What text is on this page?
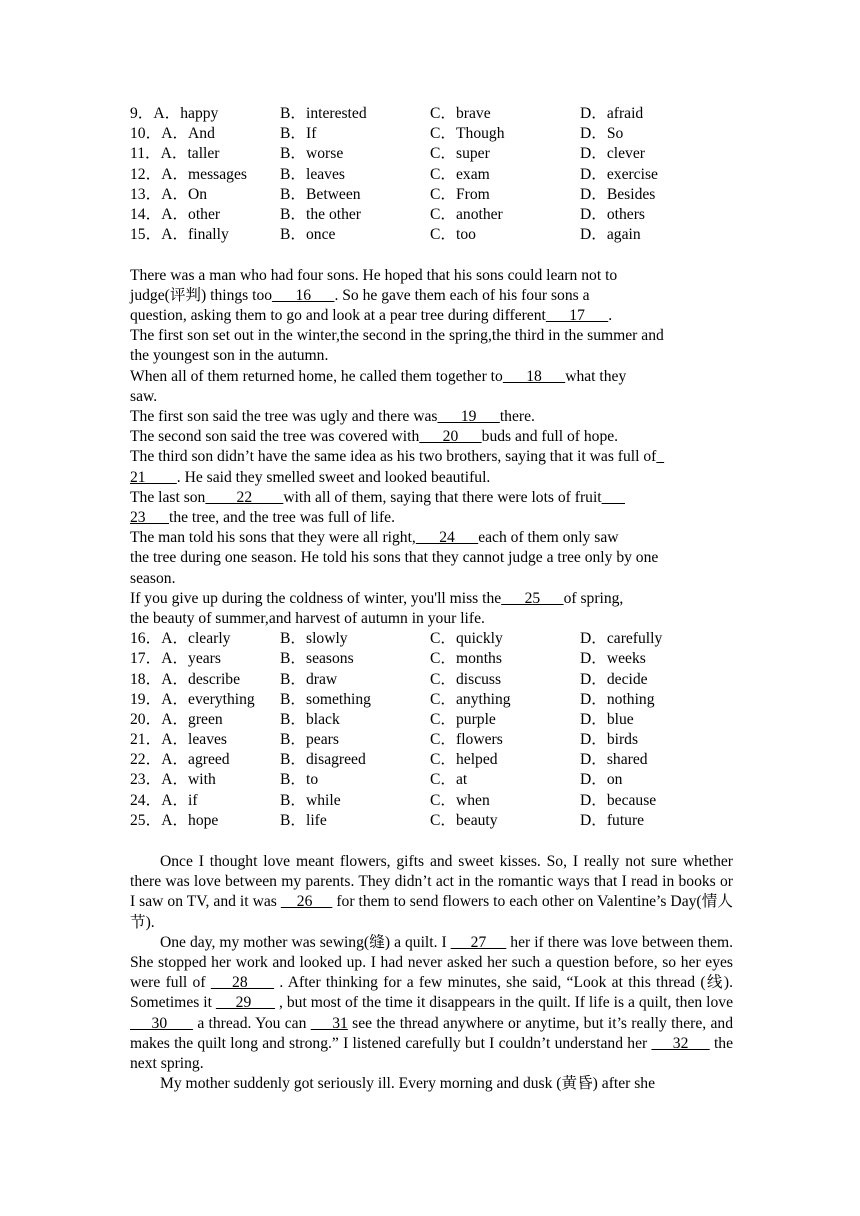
9．A．happy	B．interested	C．brave	D．afraid
10．A．And	B．If	C．Though	D．So
11．A．taller	B．worse	C．super	D．clever
12．A．messages	B．leaves	C．exam	D．exercise
13．A．On	B．Between	C．From	D．Besides
14．A．other	B．the other	C．another	D．others
15．A．finally	B．once	C．too	D．again
There was a man who had four sons. He hoped that his sons could learn not to
judge(评判) things too      16      . So he gave them each of his four sons a
question, asking them to go and look at a pear tree during different      17      .
The first son set out in the winter,the second in the spring,the third in the summer and
the youngest son in the autumn.
When all of them returned home, he called them together to      18      what they
saw.
The first son said the tree was ugly and there was      19      there.
The second son said the tree was covered with      20      buds and full of hope.
The third son didn’t have the same idea as his two brothers, saying that it was full of
21        . He said they smelled sweet and looked beautiful.
The last son        22        with all of them, saying that there were lots of fruit
23      the tree, and the tree was full of life.
The man told his sons that they were all right,      24      each of them only saw
the tree during one season. He told his sons that they cannot judge a tree only by one
season.
If you give up during the coldness of winter, you'll miss the      25      of spring,
the beauty of summer,and harvest of autumn in your life.
16．A．clearly	B．slowly	C．quickly	D．carefully
17．A．years	B．seasons	C．months	D．weeks
18．A．describe	B．draw	C．discuss	D．decide
19．A．everything	B．something	C．anything	D．nothing
20．A．green	B．black	C．purple	D．blue
21．A．leaves	B．pears	C．flowers	D．birds
22．A．agreed	B．disagreed	C．helped	D．shared
23．A．with	B．to	C．at	D．on
24．A．if	B．while	C．when	D．because
25．A．hope	B．life	C．beauty	D．future

Once I thought love meant flowers, gifts and sweet kisses. So, I really not sure whether there was love between my parents. They didn’t act in the romantic ways that I read in books or I saw on TV, and it was     26      for them to send flowers to each other on Valentine’s Day(情人节).

One day, my mother was sewing(缝) a quilt. I      27      her if there was love between them. She stopped her work and looked up. I had never asked her such a question before, so her eyes were full of     28      . After thinking for a few minutes, she said, “Look at this thread (线). Sometimes it      29       , but most of the time it disappears in the quilt. If life is a quilt, then love     30       a thread. You can      31 see the thread anywhere or anytime, but it’s really there, and makes the quilt long and strong.” I listened carefully but I couldn’t understand her      32      the next spring.

My mother suddenly got seriously ill. Every morning and dusk (黄昏) after she
